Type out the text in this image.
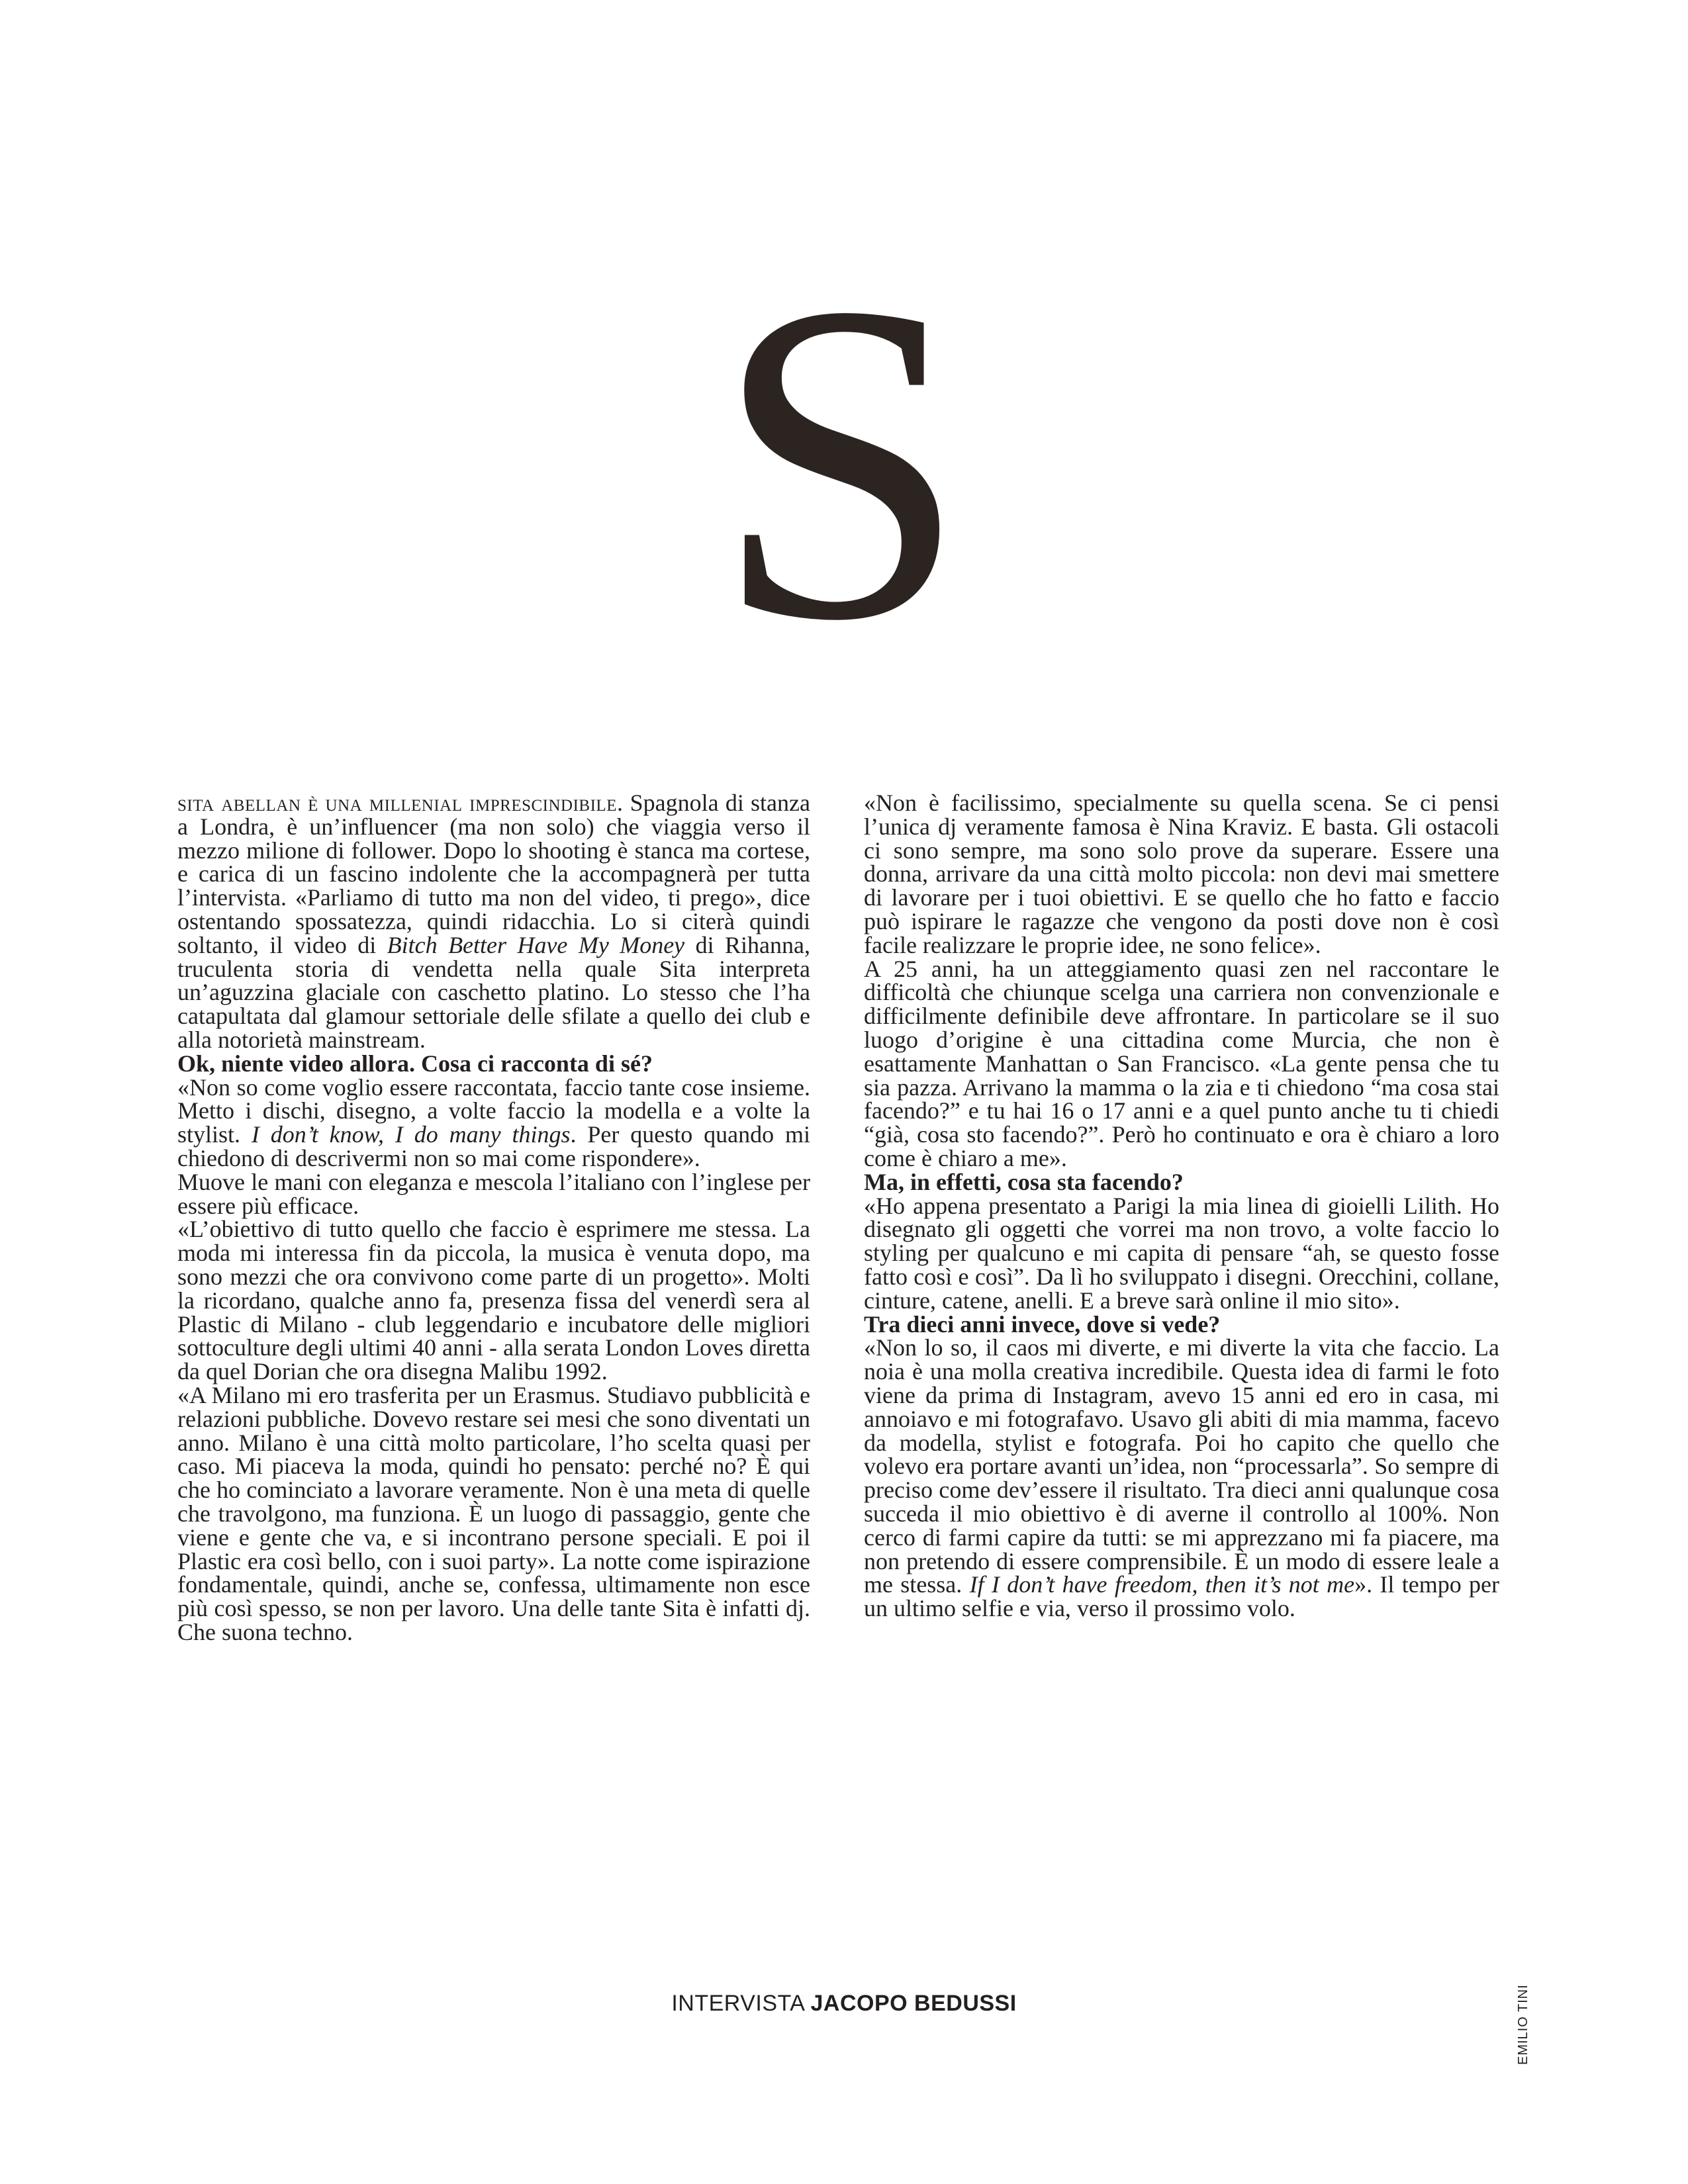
S

sita abellan è una millenial imprescindibile. Spagnola di stanza a Londra, è un’influencer (ma non solo) che viaggia verso il mezzo milione di follower. Dopo lo shooting è stanca ma cortese, e carica di un fascino indolente che la accompagnerà per tutta l’intervista. «Parliamo di tutto ma non del video, ti prego», dice ostentando spossatezza, quindi ridacchia. Lo si citerà quindi soltanto, il video di Bitch Better Have My Money di Rihanna, truculenta storia di vendetta nella quale Sita interpreta un’aguzzina glaciale con caschetto platino. Lo stesso che l’ha catapultata dal glamour settoriale delle sfilate a quello dei club e alla notorietà mainstream.

Ok, niente video allora. Cosa ci racconta di sé?

«Non so come voglio essere raccontata, faccio tante cose insieme. Metto i dischi, disegno, a volte faccio la modella e a volte la stylist. I don’t know, I do many things. Per questo quando mi chiedono di descrivermi non so mai come rispondere».

Muove le mani con eleganza e mescola l’italiano con l’inglese per essere più efficace.

«L’obiettivo di tutto quello che faccio è esprimere me stessa. La moda mi interessa fin da piccola, la musica è venuta dopo, ma sono mezzi che ora convivono come parte di un progetto». Molti la ricordano, qualche anno fa, presenza fissa del venerdì sera al Plastic di Milano - club leggendario e incubatore delle migliori sottoculture degli ultimi 40 anni - alla serata London Loves diretta da quel Dorian che ora disegna Malibu 1992.

«A Milano mi ero trasferita per un Erasmus. Studiavo pubblicità e relazioni pubbliche. Dovevo restare sei mesi che sono diventati un anno. Milano è una città molto particolare, l’ho scelta quasi per caso. Mi piaceva la moda, quindi ho pensato: perché no? È qui che ho cominciato a lavorare veramente. Non è una meta di quelle che travolgono, ma funziona. È un luogo di passaggio, gente che viene e gente che va, e si incontrano persone speciali. E poi il Plastic era così bello, con i suoi party». La notte come ispirazione fondamentale, quindi, anche se, confessa, ultimamente non esce più così spesso, se non per lavoro. Una delle tante Sita è infatti dj. Che suona techno.

«Non è facilissimo, specialmente su quella scena. Se ci pensi l’unica dj veramente famosa è Nina Kraviz. E basta. Gli ostacoli ci sono sempre, ma sono solo prove da superare. Essere una donna, arrivare da una città molto piccola: non devi mai smettere di lavorare per i tuoi obiettivi. E se quello che ho fatto e faccio può ispirare le ragazze che vengono da posti dove non è così facile realizzare le proprie idee, ne sono felice».

A 25 anni, ha un atteggiamento quasi zen nel raccontare le difficoltà che chiunque scelga una carriera non convenzionale e difficilmente definibile deve affrontare. In particolare se il suo luogo d’origine è una cittadina come Murcia, che non è esattamente Manhattan o San Francisco. «La gente pensa che tu sia pazza. Arrivano la mamma o la zia e ti chiedono “ma cosa stai facendo?” e tu hai 16 o 17 anni e a quel punto anche tu ti chiedi “già, cosa sto facendo?”. Però ho continuato e ora è chiaro a loro come è chiaro a me».

Ma, in effetti, cosa sta facendo?

«Ho appena presentato a Parigi la mia linea di gioielli Lilith. Ho disegnato gli oggetti che vorrei ma non trovo, a volte faccio lo styling per qualcuno e mi capita di pensare “ah, se questo fosse fatto così e così”. Da lì ho sviluppato i disegni. Orecchini, collane, cinture, catene, anelli. E a breve sarà online il mio sito».

Tra dieci anni invece, dove si vede?

«Non lo so, il caos mi diverte, e mi diverte la vita che faccio. La noia è una molla creativa incredibile. Questa idea di farmi le foto viene da prima di Instagram, avevo 15 anni ed ero in casa, mi annoiavo e mi fotografavo. Usavo gli abiti di mia mamma, facevo da modella, stylist e fotografa. Poi ho capito che quello che volevo era portare avanti un’idea, non “processarla”. So sempre di preciso come dev’essere il risultato. Tra dieci anni qualunque cosa succeda il mio obiettivo è di averne il controllo al 100%. Non cerco di farmi capire da tutti: se mi apprezzano mi fa piacere, ma non pretendo di essere comprensibile. È un modo di essere leale a me stessa. If I don’t have freedom, then it’s not me». Il tempo per un ultimo selfie e via, verso il prossimo volo.

INTERVISTA JACOPO BEDUSSI	EMILIO TINI
